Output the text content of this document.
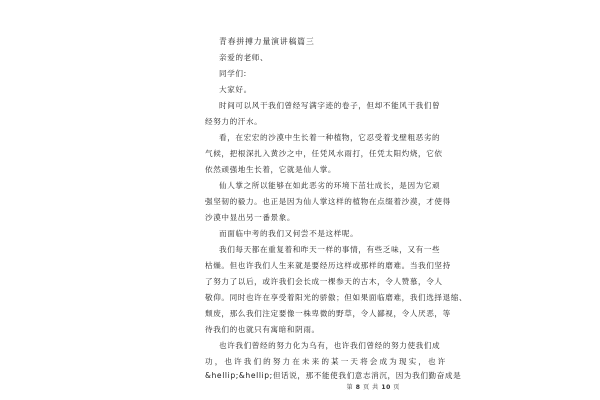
青春拼搏力量演讲稿篇三
亲爱的老师、
同学们:
大家好。
时间可以风干我们曾经写满字迹的卷子，但却不能风干我们曾
经努力的汗水。
看，在宏宏的沙漠中生长着一种植物，它忍受着戈壁粗恶劣的
气候，把根深扎入黄沙之中，任凭风水雨打，任凭太阳灼烧，它依
依然顽强地生长着，它就是仙人掌。
仙人掌之所以能够在如此恶劣的环境下茁壮成长，是因为它顽
强坚韧的毅力。也正是因为仙人掌这样的植物在点缀着沙漠，才使得
沙漠中显出另一番景象。
而面临中考的我们又何尝不是这样呢。
我们每天都在重复着和昨天一样的事情，有些乏味，又有一些
枯燥。但也许我们人生来就是要经历这样或那样的磨难。当我们坚持
了努力了以后，或许我们会长成一棵参天的古木，令人赞慕，令人
敬仰。同时也许在享受着阳光的骄傲；但如果面临磨难，我们选择退缩、
颓废，那么我们注定要像一株卑微的野草，令人鄙视，令人厌恶，等
待我们的也就只有寓暗和阴雨。
也许我们曾经的努力化为乌有，也许我们曾经的努力使我们成
功，也许我们的努力在未来的某一天将会成为现实，也许
&hellip;&hellip;但话说，那不能使我们意志消沉，因为我们勤奋成是
第 8 页 共 10 页
